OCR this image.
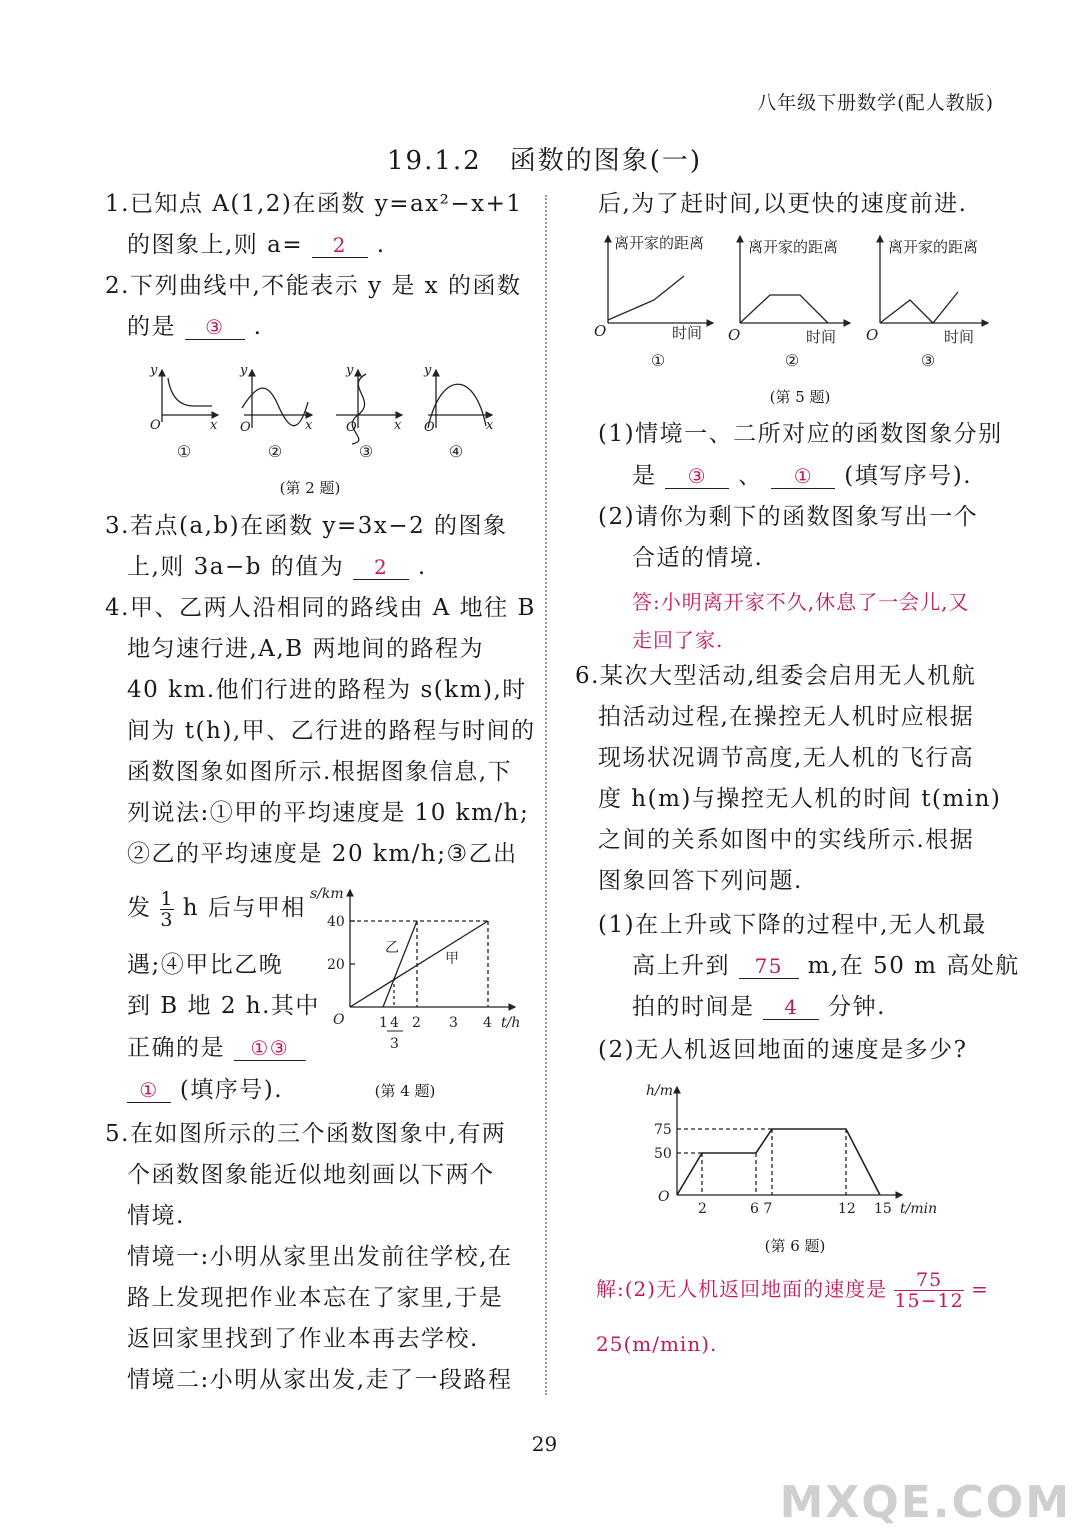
八年级下册数学(配人教版)
19.1.2　函数的图象(一)
1.已知点 A(1,2)在函数 y=ax²−x+1
的图象上,则 a= 2 .
2.下列曲线中,不能表示 y 是 x 的函数
的是 ③ .
y
x
O
y
x
O
y
x
O
y
x
O
①	②	③	④
(第 2 题)
3.若点(a,b)在函数 y=3x−2 的图象
上,则 3a−b 的值为 2 .
4.甲、乙两人沿相同的路线由 A 地往 B
地匀速行进,A,B 两地间的路程为
40 km.他们行进的路程为 s(km),时
间为 t(h),甲、乙行进的路程与时间的
函数图象如图所示.根据图象信息,下
列说法:①甲的平均速度是 10 km/h;
②乙的平均速度是 20 km/h;③乙出
发 $\frac{1}{3}$ h 后与甲相
遇;④甲比乙晚
到 B 地 2 h.其中
正确的是 ①③
① (填序号).
s/km
t/h
O
20
40
1 4
3
2 3 4
乙
甲
(第 4 题)
5.在如图所示的三个函数图象中,有两
个函数图象能近似地刻画以下两个
情境.
情境一:小明从家里出发前往学校,在
路上发现把作业本忘在了家里,于是
返回家里找到了作业本再去学校.
情境二:小明从家出发,走了一段路程
后,为了赶时间,以更快的速度前进.
离开家的距离	离开家的距离	离开家的距离
时间	时间	时间
O	O	O
①	②	③
(第 5 题)
(1)情境一、二所对应的函数图象分别
是 ③ 、 ① (填写序号).
(2)请你为剩下的函数图象写出一个
合适的情境.
答:小明离开家不久,休息了一会儿,又
走回了家.
6.某次大型活动,组委会启用无人机航
拍活动过程,在操控无人机时应根据
现场状况调节高度,无人机的飞行高
度 h(m)与操控无人机的时间 t(min)
之间的关系如图中的实线所示.根据
图象回答下列问题.
(1)在上升或下降的过程中,无人机最
高上升到 75 m,在 50 m 高处航
拍的时间是 4 分钟.
(2)无人机返回地面的速度是多少?
h/m
t/min
O
75
50
2	6 7	12 15
(第 6 题)
解:(2)无人机返回地面的速度是 $\frac{75}{15-12}$ =
25(m/min).
29
MXQE.COM
